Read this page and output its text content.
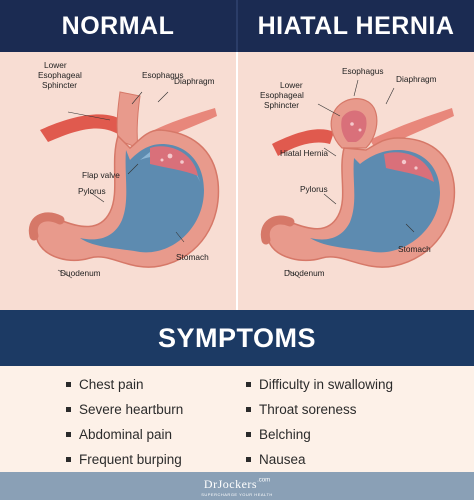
NORMAL	HIATAL HERNIA
Esophagus
Diaphragm
Lower
Esophageal
Sphincter
Flap valve
Pylorus
Duodenum
Stomach
Esophagus
Diaphragm
Lower
Esophageal
Sphincter
Hiatal Hernia
Pylorus
Duodenum
Stomach
SYMPTOMS
Chest pain
Severe heartburn
Abdominal pain
Frequent burping
Difficulty in swallowing
Throat soreness
Belching
Nausea
DrJockers$^{.com}$
SUPERCHARGE YOUR HEALTH
